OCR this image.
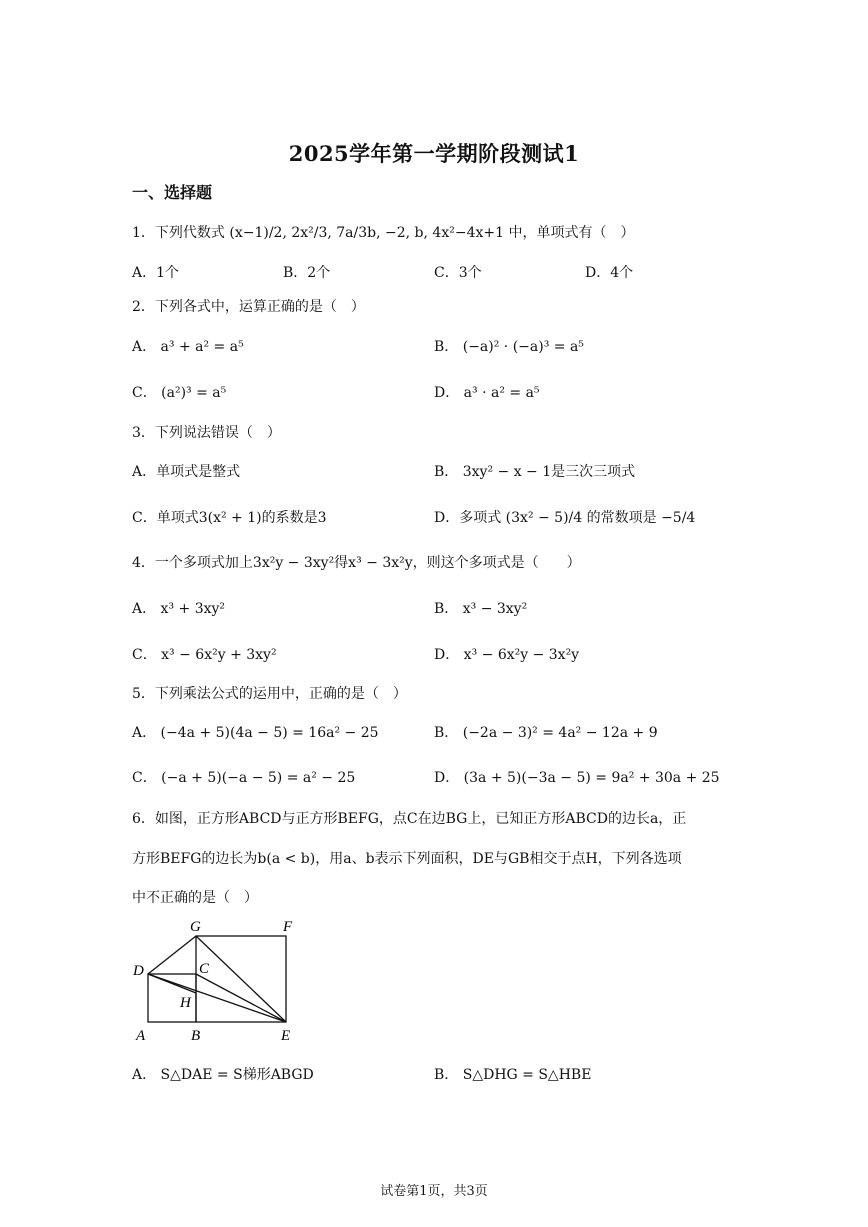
2025学年第一学期阶段测试1
一、选择题
1．下列代数式 (x−1)/2, 2x²/3, 7a/3b, −2, b, 4x²−4x+1 中，单项式有（　）
A．1个	B．2个	C．3个	D．4个
2．下列各式中，运算正确的是（　）
A． a³ + a² = a⁵	B． (−a)² · (−a)³ = a⁵
C． (a²)³ = a⁵	D． a³ · a² = a⁵
3．下列说法错误（　）
A．单项式是整式	B． 3xy² − x − 1是三次三项式
C．单项式3(x² + 1)的系数是3	D．多项式 (3x² − 5)/4 的常数项是 −5/4
4．一个多项式加上3x²y − 3xy²得x³ − 3x²y，则这个多项式是（　　）
A． x³ + 3xy²	B． x³ − 3xy²
C． x³ − 6x²y + 3xy²	D． x³ − 6x²y − 3x²y
5．下列乘法公式的运用中，正确的是（　）
A． (−4a + 5)(4a − 5) = 16a² − 25	B． (−2a − 3)² = 4a² − 12a + 9
C． (−a + 5)(−a − 5) = a² − 25	D． (3a + 5)(−3a − 5) = 9a² + 30a + 25
6．如图，正方形ABCD与正方形BEFG，点C在边BG上，已知正方形ABCD的边长a，正
方形BEFG的边长为b(a < b)，用a、b表示下列面积，DE与GB相交于点H，下列各选项
中不正确的是（　）
G	F
D	C
H
A	B	E
A． S△DAE = S梯形ABGD	B． S△DHG = S△HBE
试卷第1页，共3页
